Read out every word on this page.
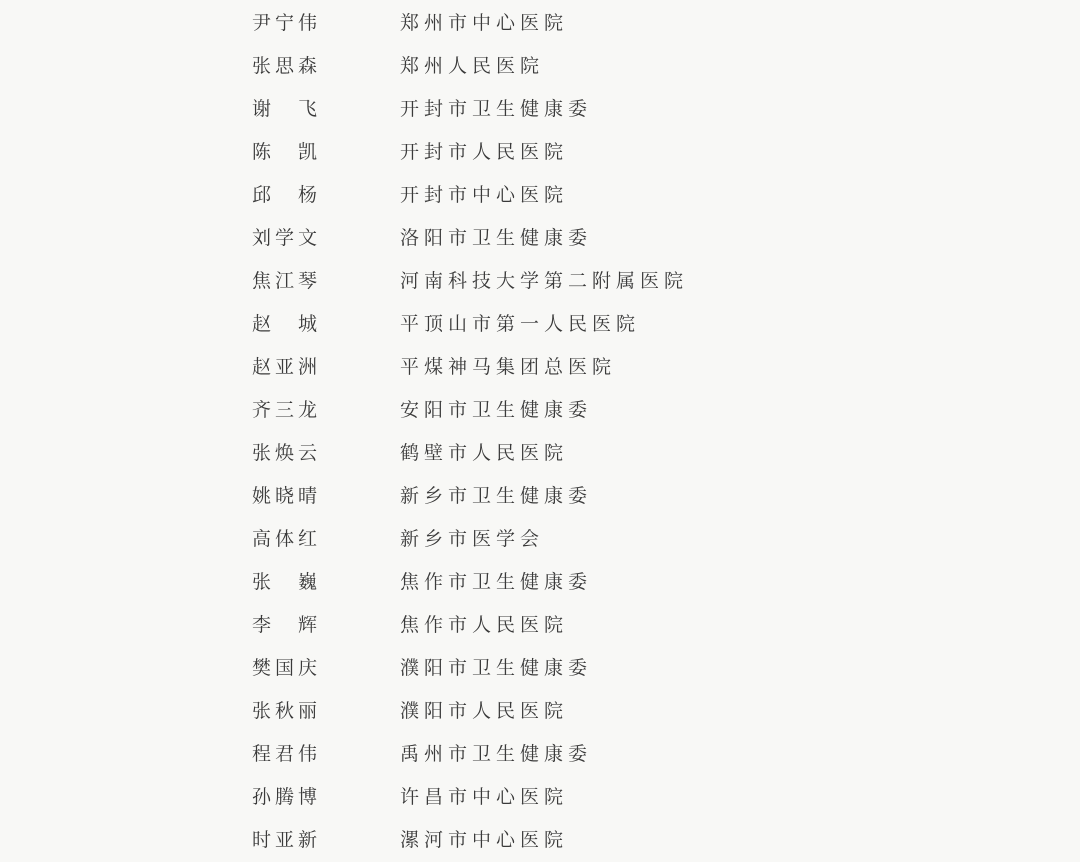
尹宁伟	郑州市中心医院
张思森	郑州人民医院
谢　飞	开封市卫生健康委
陈　凯	开封市人民医院
邱　杨	开封市中心医院
刘学文	洛阳市卫生健康委
焦江琴	河南科技大学第二附属医院
赵　城	平顶山市第一人民医院
赵亚洲	平煤神马集团总医院
齐三龙	安阳市卫生健康委
张焕云	鹤壁市人民医院
姚晓晴	新乡市卫生健康委
高体红	新乡市医学会
张　巍	焦作市卫生健康委
李　辉	焦作市人民医院
樊国庆	濮阳市卫生健康委
张秋丽	濮阳市人民医院
程君伟	禹州市卫生健康委
孙腾博	许昌市中心医院
时亚新	漯河市中心医院
